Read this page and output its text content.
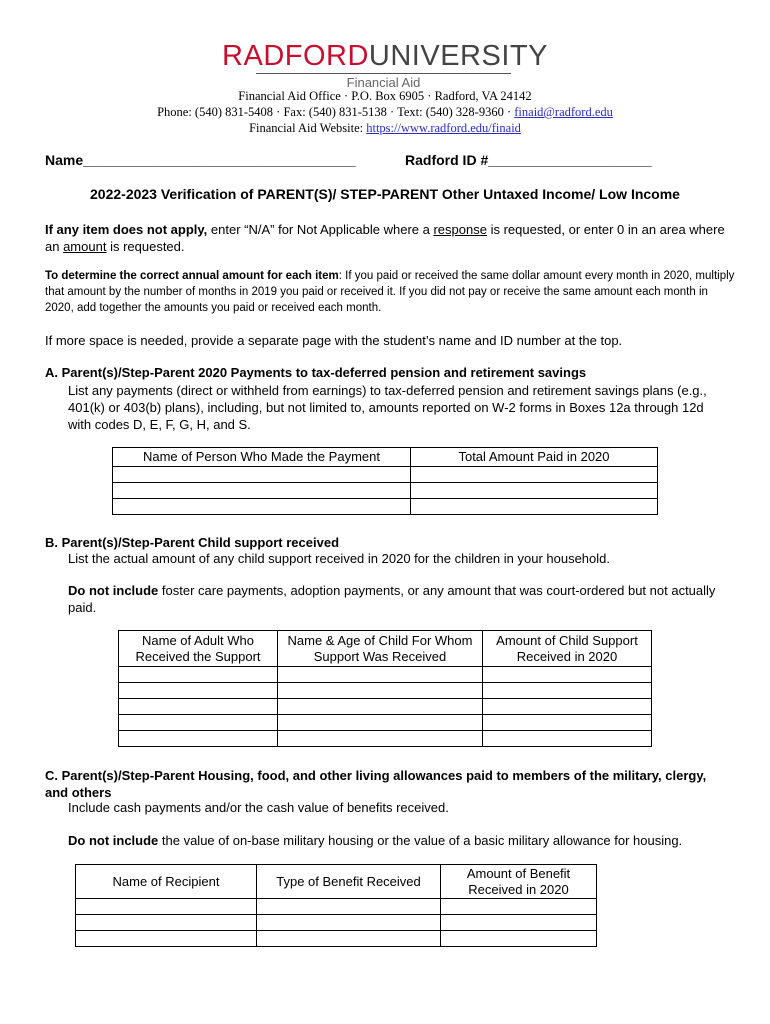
RADFORDUNIVERSITY
Financial Aid
Financial Aid Office · P.O. Box 6905 · Radford, VA 24142
Phone: (540) 831-5408 · Fax: (540) 831-5138 · Text: (540) 328-9360 · finaid@radford.edu
Financial Aid Website: https://www.radford.edu/finaid
Name___________________________________	Radford ID #_____________________
2022-2023 Verification of PARENT(S)/ STEP-PARENT Other Untaxed Income/ Low Income
If any item does not apply, enter “N/A” for Not Applicable where a response is requested, or enter 0 in an area where an amount is requested.
To determine the correct annual amount for each item: If you paid or received the same dollar amount every month in 2020, multiply that amount by the number of months in 2019 you paid or received it. If you did not pay or receive the same amount each month in 2020, add together the amounts you paid or received each month.
If more space is needed, provide a separate page with the student’s name and ID number at the top.
A. Parent(s)/Step-Parent 2020 Payments to tax-deferred pension and retirement savings
List any payments (direct or withheld from earnings) to tax-deferred pension and retirement savings plans (e.g., 401(k) or 403(b) plans), including, but not limited to, amounts reported on W-2 forms in Boxes 12a through 12d with codes D, E, F, G, H, and S.
Name of Person Who Made the Payment	Total Amount Paid in 2020

B. Parent(s)/Step-Parent Child support received
List the actual amount of any child support received in 2020 for the children in your household.
Do not include foster care payments, adoption payments, or any amount that was court-ordered but not actually paid.
Name of Adult Who Received the Support	Name & Age of Child For Whom Support Was Received	Amount of Child Support Received in 2020

C. Parent(s)/Step-Parent Housing, food, and other living allowances paid to members of the military, clergy, and others
Include cash payments and/or the cash value of benefits received.
Do not include the value of on-base military housing or the value of a basic military allowance for housing.
Name of Recipient	Type of Benefit Received	Amount of Benefit Received in 2020
